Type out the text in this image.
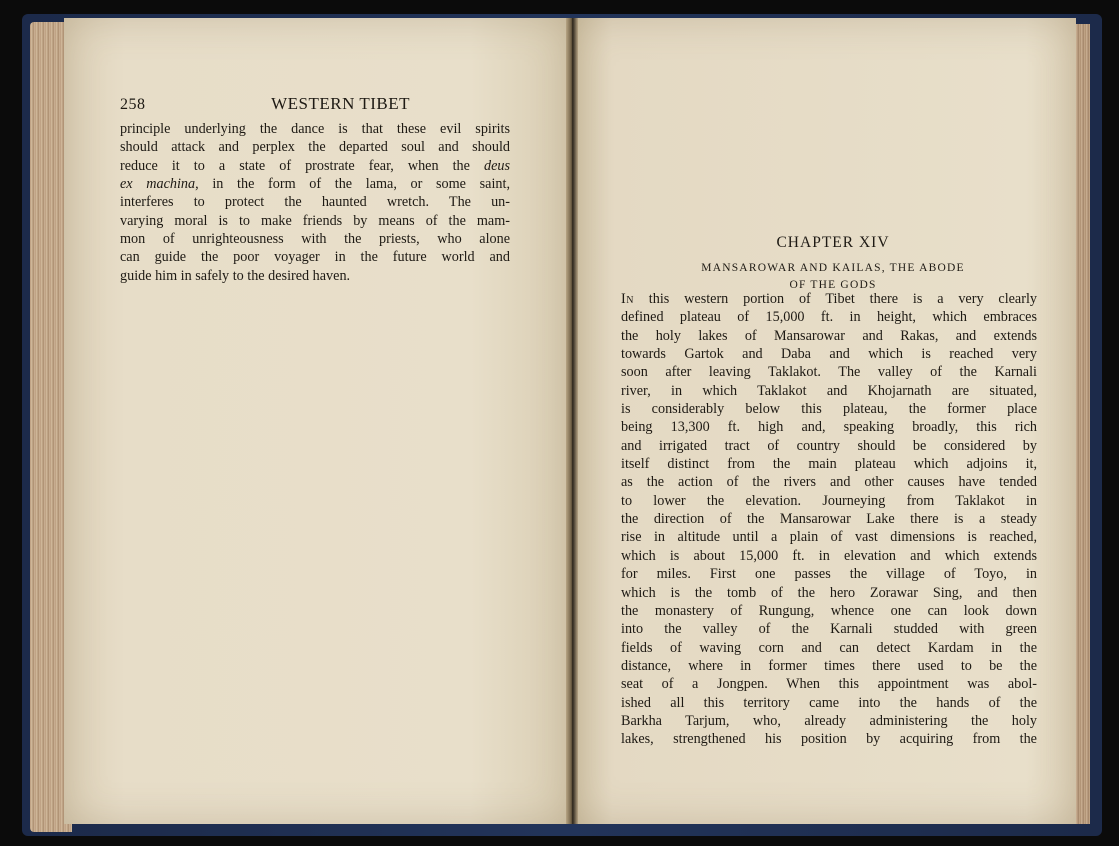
258	WESTERN TIBET
principle underlying the dance is that these evil spirits
should attack and perplex the departed soul and should
reduce it to a state of prostrate fear, when the deus
ex machina, in the form of the lama, or some saint,
interferes to protect the haunted wretch. The un-
varying moral is to make friends by means of the mam-
mon of unrighteousness with the priests, who alone
can guide the poor voyager in the future world and
guide him in safely to the desired haven.
CHAPTER XIV
MANSAROWAR AND KAILAS, THE ABODE
OF THE GODS
In this western portion of Tibet there is a very clearly
defined plateau of 15,000 ft. in height, which embraces
the holy lakes of Mansarowar and Rakas, and extends
towards Gartok and Daba and which is reached very
soon after leaving Taklakot. The valley of the Karnali
river, in which Taklakot and Khojarnath are situated,
is considerably below this plateau, the former place
being 13,300 ft. high and, speaking broadly, this rich
and irrigated tract of country should be considered by
itself distinct from the main plateau which adjoins it,
as the action of the rivers and other causes have tended
to lower the elevation. Journeying from Taklakot in
the direction of the Mansarowar Lake there is a steady
rise in altitude until a plain of vast dimensions is reached,
which is about 15,000 ft. in elevation and which extends
for miles. First one passes the village of Toyo, in
which is the tomb of the hero Zorawar Sing, and then
the monastery of Rungung, whence one can look down
into the valley of the Karnali studded with green
fields of waving corn and can detect Kardam in the
distance, where in former times there used to be the
seat of a Jongpen. When this appointment was abol-
ished all this territory came into the hands of the
Barkha Tarjum, who, already administering the holy
lakes, strengthened his position by acquiring from the
